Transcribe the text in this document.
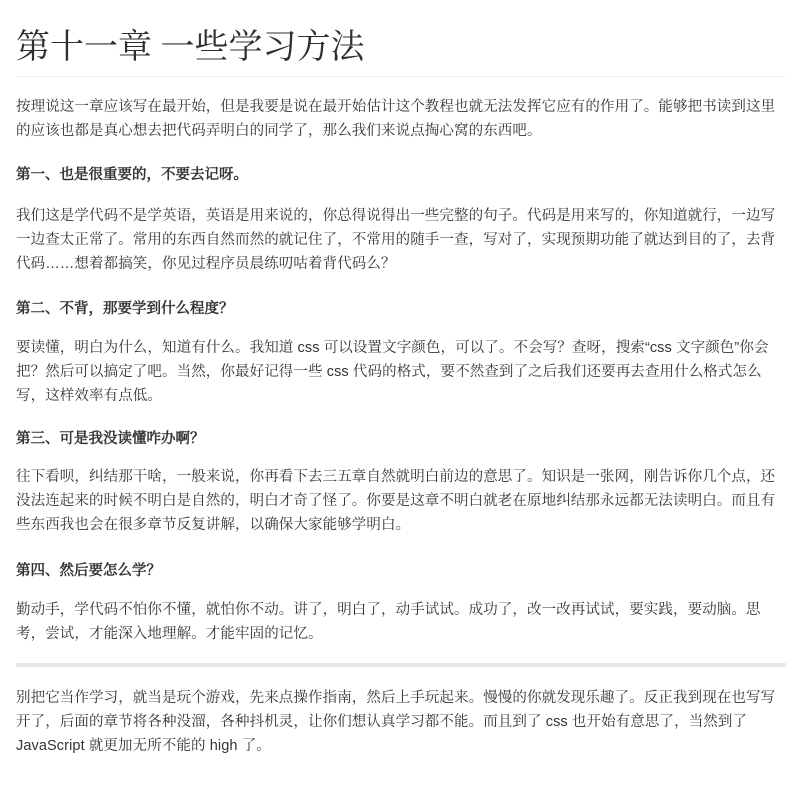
第十一章 一些学习方法

按理说这一章应该写在最开始，但是我要是说在最开始估计这个教程也就无法发挥它应有的作用了。能够把书读到这里的应该也都是真心想去把代码弄明白的同学了，那么我们来说点掏心窝的东西吧。

第一、也是很重要的，不要去记呀。

我们这是学代码不是学英语，英语是用来说的，你总得说得出一些完整的句子。代码是用来写的，你知道就行，一边写一边查太正常了。常用的东西自然而然的就记住了，不常用的随手一查，写对了，实现预期功能了就达到目的了，去背代码……想着都搞笑，你见过程序员晨练叨咕着背代码么？

第二、不背，那要学到什么程度？

要读懂，明白为什么，知道有什么。我知道 css 可以设置文字颜色，可以了。不会写？查呀，搜索“css 文字颜色”你会把？然后可以搞定了吧。当然，你最好记得一些 css 代码的格式，要不然查到了之后我们还要再去查用什么格式怎么写，这样效率有点低。

第三、可是我没读懂咋办啊？

往下看呗，纠结那干啥，一般来说，你再看下去三五章自然就明白前边的意思了。知识是一张网，刚告诉你几个点，还没法连起来的时候不明白是自然的，明白才奇了怪了。你要是这章不明白就老在原地纠结那永远都无法读明白。而且有些东西我也会在很多章节反复讲解，以确保大家能够学明白。

第四、然后要怎么学？

勤动手，学代码不怕你不懂，就怕你不动。讲了，明白了，动手试试。成功了，改一改再试试，要实践，要动脑。思考，尝试，才能深入地理解。才能牢固的记忆。

别把它当作学习，就当是玩个游戏，先来点操作指南，然后上手玩起来。慢慢的你就发现乐趣了。反正我到现在也写写开了，后面的章节将各种没溜，各种抖机灵，让你们想认真学习都不能。而且到了 css 也开始有意思了，当然到了 JavaScript 就更加无所不能的 high 了。
